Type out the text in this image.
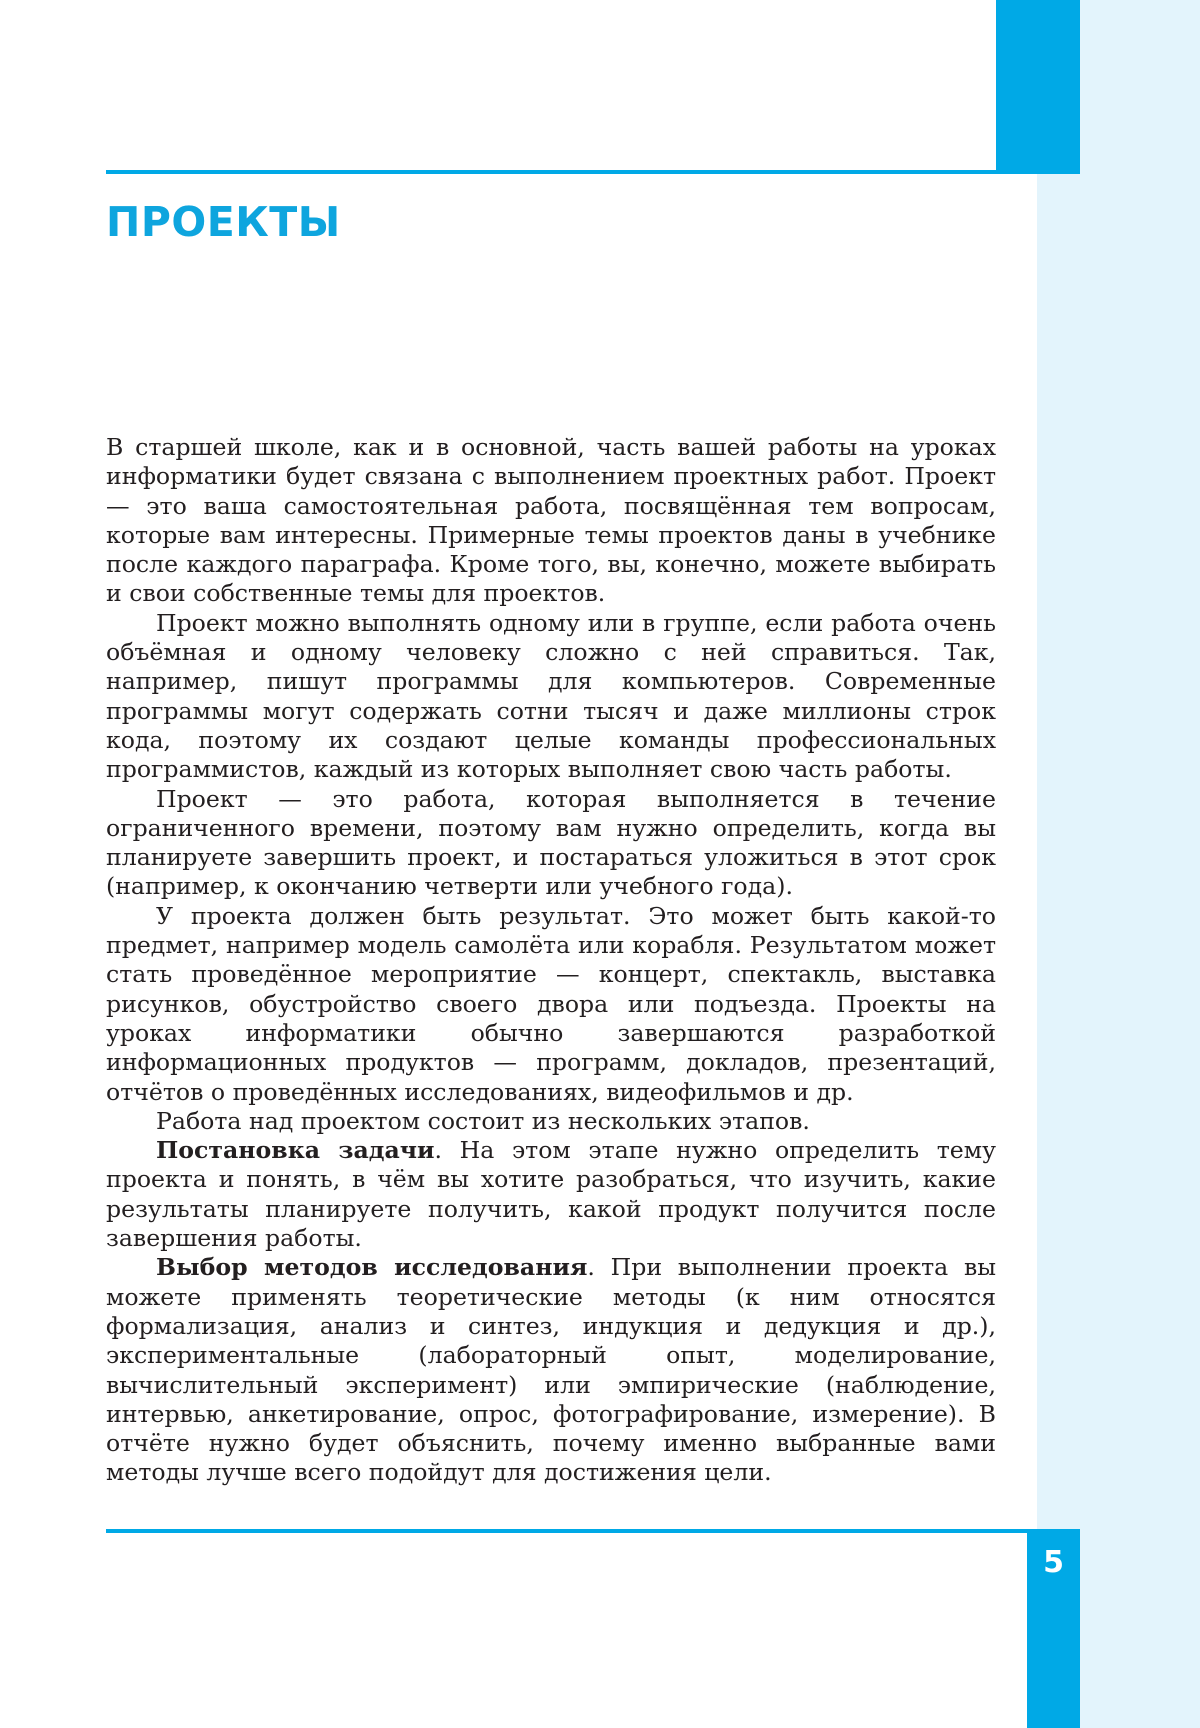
ПРОЕКТЫ

В старшей школе, как и в основной, часть вашей работы на уроках информатики будет связана с выполнением проектных работ. Проект — это ваша самостоятельная работа, посвящённая тем вопросам, которые вам интересны. Примерные темы проектов даны в учебнике после каждого параграфа. Кроме того, вы, конечно, можете выбирать и свои собственные темы для проектов.

Проект можно выполнять одному или в группе, если работа очень объёмная и одному человеку сложно с ней справиться. Так, например, пишут программы для компьютеров. Современные программы могут содержать сотни тысяч и даже миллионы строк кода, поэтому их создают целые команды профессиональных программистов, каждый из которых выполняет свою часть работы.

Проект — это работа, которая выполняется в течение ограниченного времени, поэтому вам нужно определить, когда вы планируете завершить проект, и постараться уложиться в этот срок (например, к окончанию четверти или учебного года).

У проекта должен быть результат. Это может быть какой-то предмет, например модель самолёта или корабля. Результатом может стать проведённое мероприятие — концерт, спектакль, выставка рисунков, обустройство своего двора или подъезда. Проекты на уроках информатики обычно завершаются разработкой информационных продуктов — программ, докладов, презентаций, отчётов о проведённых исследованиях, видеофильмов и др.

Работа над проектом состоит из нескольких этапов.

Постановка задачи. На этом этапе нужно определить тему проекта и понять, в чём вы хотите разобраться, что изучить, какие результаты планируете получить, какой продукт получится после завершения работы.

Выбор методов исследования. При выполнении проекта вы можете применять теоретические методы (к ним относятся формализация, анализ и синтез, индукция и дедукция и др.), экспериментальные (лабораторный опыт, моделирование, вычислительный эксперимент) или эмпирические (наблюдение, интервью, анкетирование, опрос, фотографирование, измерение). В отчёте нужно будет объяснить, почему именно выбранные вами методы лучше всего подойдут для достижения цели.

5
